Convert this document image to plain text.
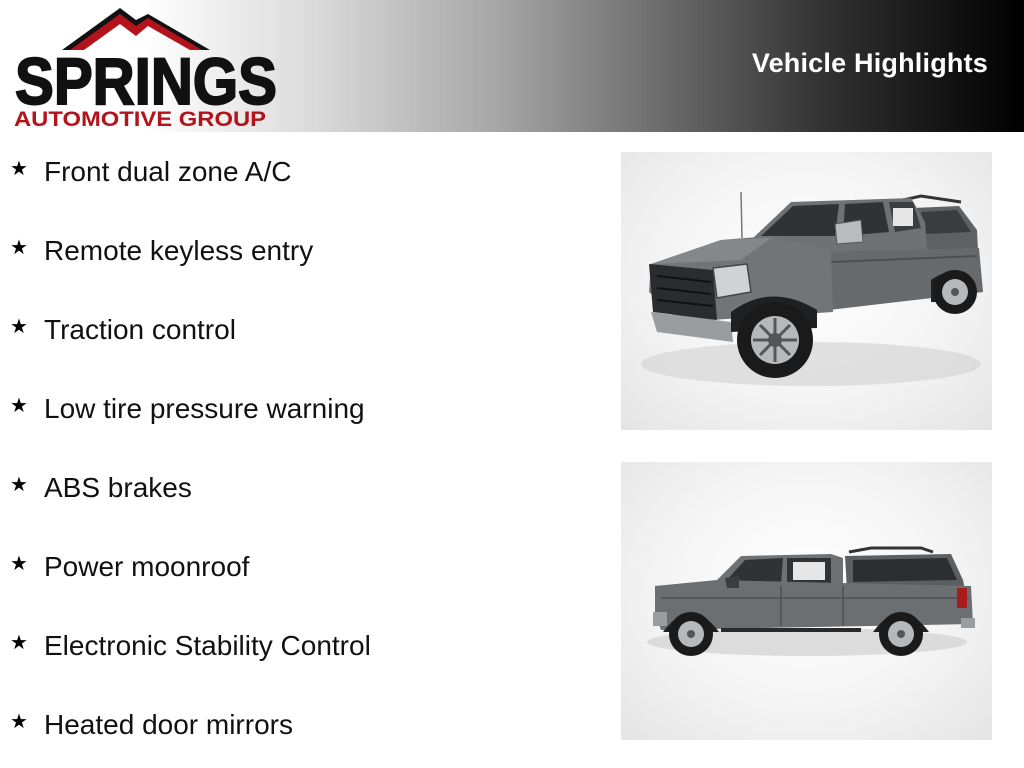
SPRINGS
AUTOMOTIVE GROUP
Vehicle Highlights
★ Front dual zone A/C
★ Remote keyless entry
★ Traction control
★ Low tire pressure warning
★ ABS brakes
★ Power moonroof
★ Electronic Stability Control
★ Heated door mirrors
